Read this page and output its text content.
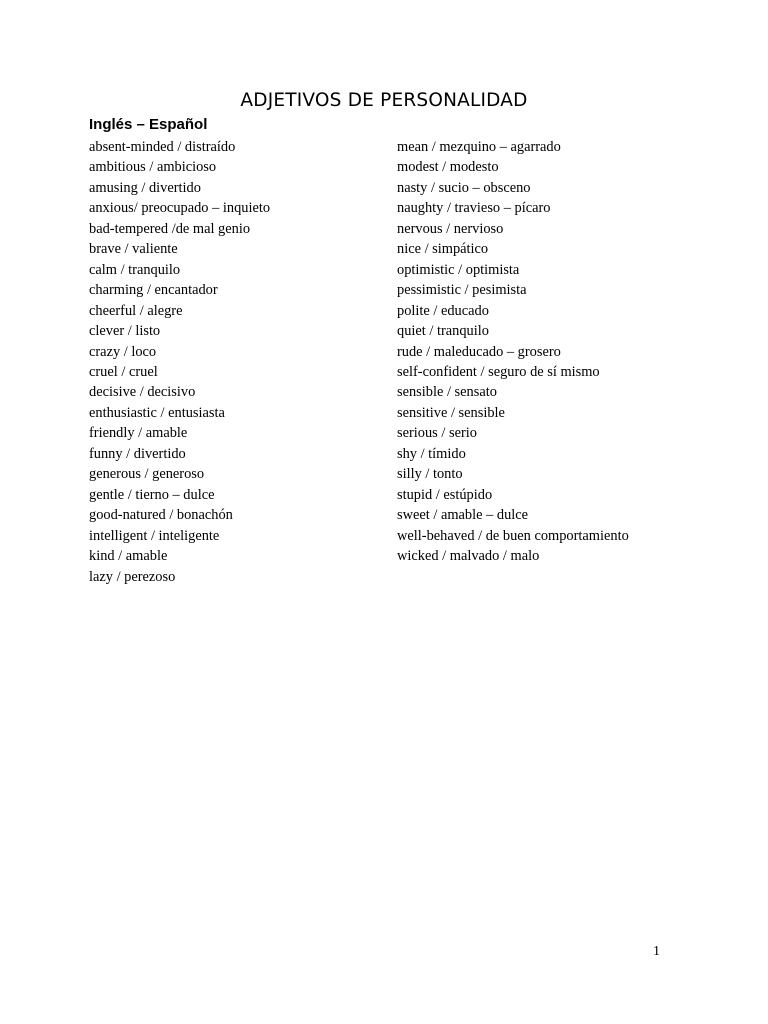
ADJETIVOS DE PERSONALIDAD
Inglés – Español
absent-minded / distraído
ambitious / ambicioso
amusing / divertido
anxious/ preocupado – inquieto
bad-tempered /de mal genio
brave / valiente
calm / tranquilo
charming / encantador
cheerful / alegre
clever / listo
crazy / loco
cruel / cruel
decisive / decisivo
enthusiastic / entusiasta
friendly / amable
funny / divertido
generous / generoso
gentle / tierno – dulce
good-natured / bonachón
intelligent / inteligente
kind / amable
lazy / perezoso
mean / mezquino – agarrado
modest / modesto
nasty / sucio – obsceno
naughty / travieso – pícaro
nervous / nervioso
nice / simpático
optimistic / optimista
pessimistic / pesimista
polite / educado
quiet / tranquilo
rude / maleducado – grosero
self-confident / seguro de sí mismo
sensible / sensato
sensitive / sensible
serious / serio
shy / tímido
silly / tonto
stupid / estúpido
sweet / amable – dulce
well-behaved / de buen comportamiento
wicked / malvado / malo
1
